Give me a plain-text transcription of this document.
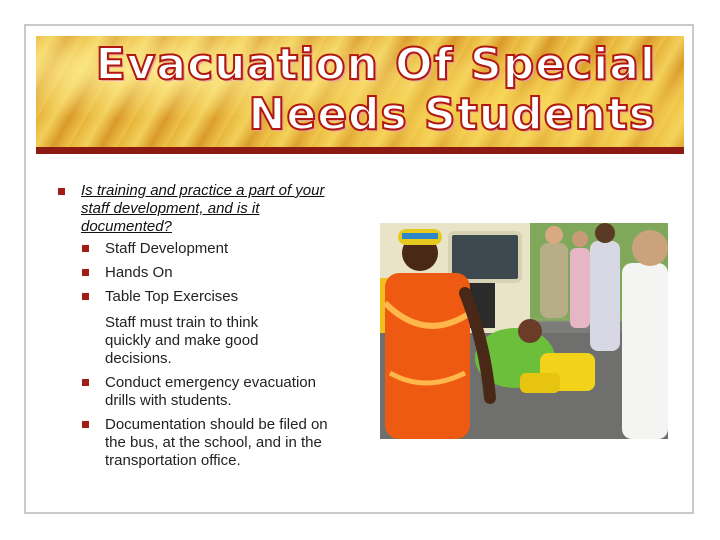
Evacuation Of Special
Needs Students
Is training and practice a part of your staff development, and is it documented?
Staff Development
Hands On
Table Top Exercises
Staff must train to think quickly and make good decisions.
Conduct emergency evacuation drills with students.
Documentation should be filed on the bus, at the school, and in the transportation office.
